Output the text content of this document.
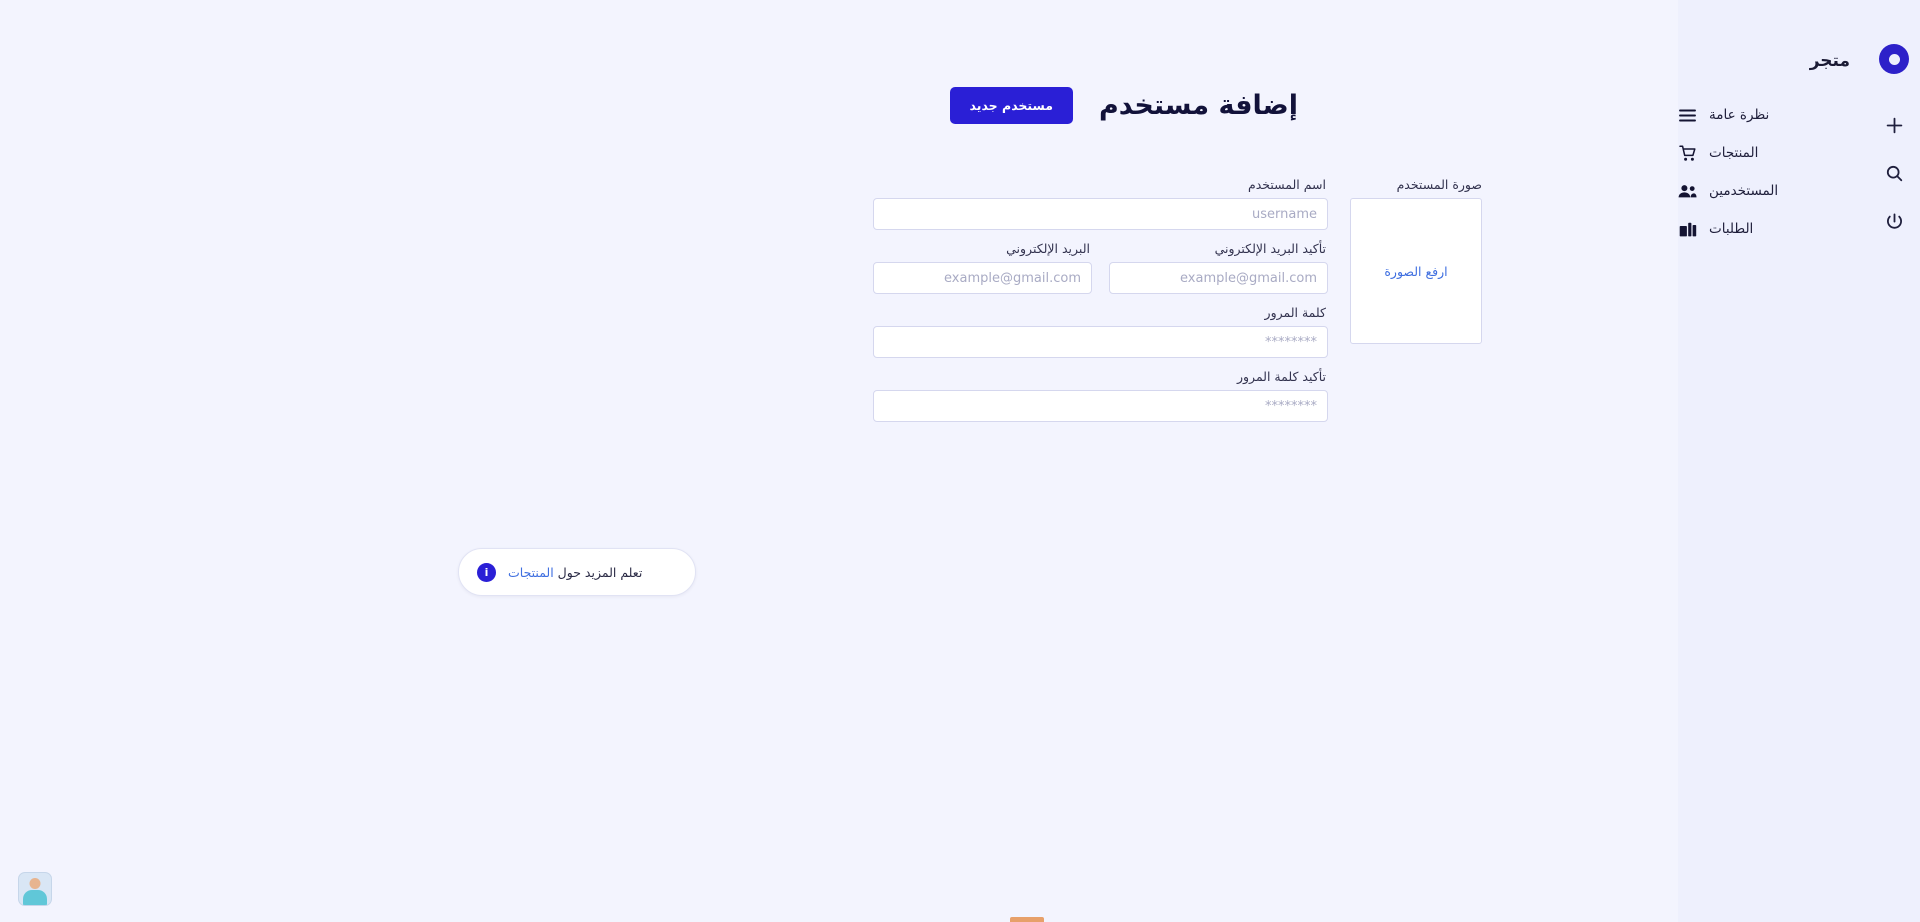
إضافة مستخدم
مستخدم جديد
صورة المستخدم
ارفع الصورة
اسم المستخدم
username
تأكيد البريد الإلكتروني
example@gmail.com
البريد الإلكتروني
example@gmail.com
كلمة المرور
********
تأكيد كلمة المرور
********
i	تعلم المزيد حول المنتجات
متجر
نظرة عامة
المنتجات
المستخدمين
الطلبات
